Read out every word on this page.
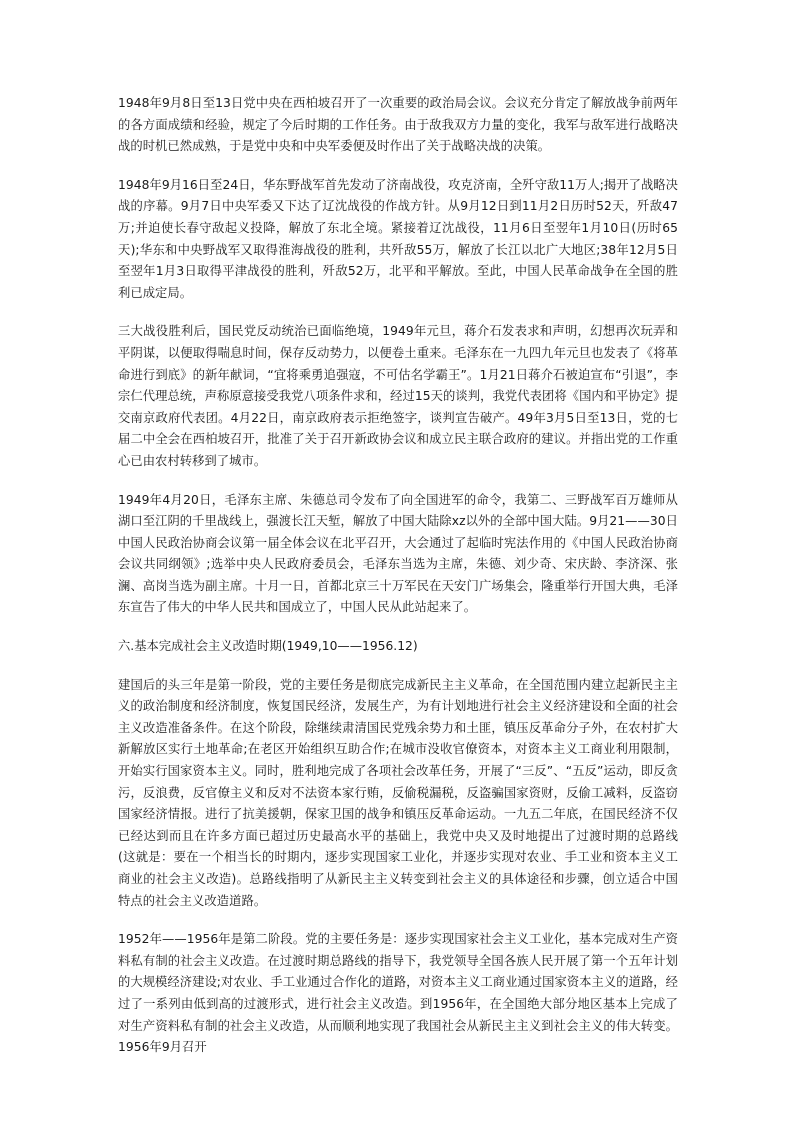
1948年9月8日至13日党中央在西柏坡召开了一次重要的政治局会议。会议充分肯定了解放战争前两年的各方面成绩和经验，规定了今后时期的工作任务。由于敌我双方力量的变化，我军与敌军进行战略决战的时机已然成熟，于是党中央和中央军委便及时作出了关于战略决战的决策。

1948年9月16日至24日，华东野战军首先发动了济南战役，攻克济南，全歼守敌11万人;揭开了战略决战的序幕。9月7日中央军委又下达了辽沈战役的作战方针。从9月12日到11月2日历时52天，歼敌47万;并迫使长春守敌起义投降，解放了东北全境。紧接着辽沈战役，11月6日至翌年1月10日(历时65天);华东和中央野战军又取得淮海战役的胜利，共歼敌55万，解放了长江以北广大地区;38年12月5日至翌年1月3日取得平津战役的胜利，歼敌52万，北平和平解放。至此，中国人民革命战争在全国的胜利已成定局。

三大战役胜利后，国民党反动统治已面临绝境，1949年元旦，蒋介石发表求和声明，幻想再次玩弄和平阴谋，以便取得喘息时间，保存反动势力，以便卷土重来。毛泽东在一九四九年元旦也发表了《将革命进行到底》的新年献词，“宜将乘勇追强寇，不可估名学霸王”。1月21日蒋介石被迫宣布“引退”，李宗仁代理总统，声称原意接受我党八项条件求和，经过15天的谈判，我党代表团将《国内和平协定》提交南京政府代表团。4月22日，南京政府表示拒绝签字，谈判宣告破产。49年3月5日至13日，党的七届二中全会在西柏坡召开，批准了关于召开新政协会议和成立民主联合政府的建议。并指出党的工作重心已由农村转移到了城市。

1949年4月20日，毛泽东主席、朱德总司令发布了向全国进军的命令，我第二、三野战军百万雄师从湖口至江阴的千里战线上，强渡长江天堑，解放了中国大陆除xz以外的全部中国大陆。9月21——30日中国人民政治协商会议第一届全体会议在北平召开，大会通过了起临时宪法作用的《中国人民政治协商会议共同纲领》;选举中央人民政府委员会，毛泽东当选为主席，朱德、刘少奇、宋庆龄、李济深、张澜、高岗当选为副主席。十月一日，首都北京三十万军民在天安门广场集会，隆重举行开国大典，毛泽东宣告了伟大的中华人民共和国成立了，中国人民从此站起来了。

六.基本完成社会主义改造时期(1949,10——1956.12)

建国后的头三年是第一阶段，党的主要任务是彻底完成新民主主义革命，在全国范围内建立起新民主主义的政治制度和经济制度，恢复国民经济，发展生产，为有计划地进行社会主义经济建设和全面的社会主义改造准备条件。在这个阶段，除继续肃清国民党残余势力和土匪，镇压反革命分子外，在农村扩大新解放区实行土地革命;在老区开始组织互助合作;在城市没收官僚资本，对资本主义工商业利用限制，开始实行国家资本主义。同时，胜利地完成了各项社会改革任务，开展了“三反”、“五反”运动，即反贪污，反浪费，反官僚主义和反对不法资本家行贿，反偷税漏税，反盗骗国家资财，反偷工减料，反盗窃国家经济情报。进行了抗美援朝，保家卫国的战争和镇压反革命运动。一九五二年底，在国民经济不仅已经达到而且在许多方面已超过历史最高水平的基础上，我党中央又及时地提出了过渡时期的总路线(这就是：要在一个相当长的时期内，逐步实现国家工业化，并逐步实现对农业、手工业和资本主义工商业的社会主义改造)。总路线指明了从新民主主义转变到社会主义的具体途径和步骤，创立适合中国特点的社会主义改造道路。

1952年——1956年是第二阶段。党的主要任务是：逐步实现国家社会主义工业化，基本完成对生产资料私有制的社会主义改造。在过渡时期总路线的指导下，我党领导全国各族人民开展了第一个五年计划的大规模经济建设;对农业、手工业通过合作化的道路，对资本主义工商业通过国家资本主义的道路，经过了一系列由低到高的过渡形式，进行社会主义改造。到1956年，在全国绝大部分地区基本上完成了对生产资料私有制的社会主义改造，从而顺利地实现了我国社会从新民主主义到社会主义的伟大转变。1956年9月召开
